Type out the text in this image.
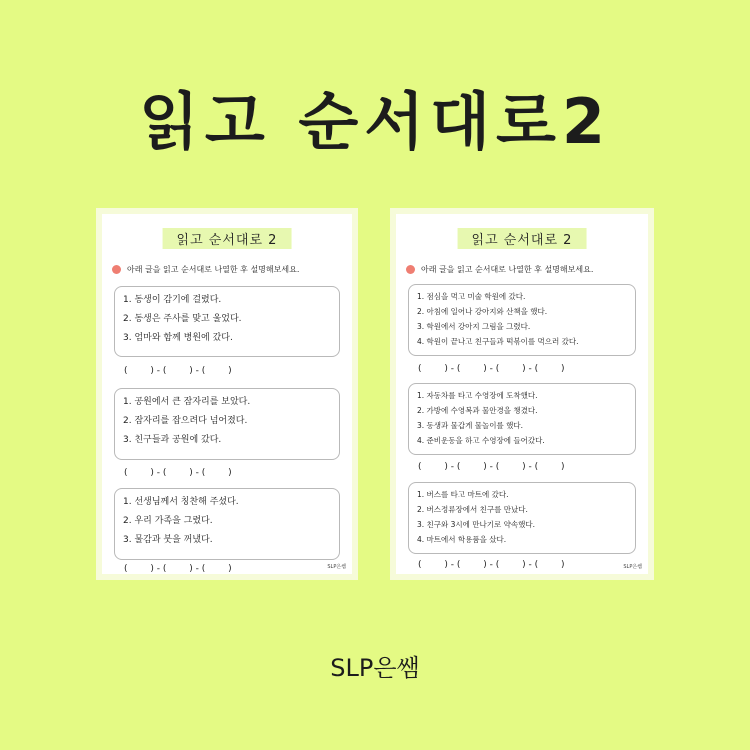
읽고 순서대로2
읽고 순서대로 2
아래 글을 읽고 순서대로 나열한 후 설명해보세요.
1. 동생이 감기에 걸렸다.
2. 동생은 주사를 맞고 울었다.
3. 엄마와 함께 병원에 갔다.
(        ) - (        ) - (        )
1. 공원에서 큰 잠자리를 보았다.
2. 잠자리를 잡으려다 넘어졌다.
3. 친구들과 공원에 갔다.
(        ) - (        ) - (        )
1. 선생님께서 칭찬해 주셨다.
2. 우리 가족을 그렸다.
3. 물감과 붓을 꺼냈다.
(        ) - (        ) - (        )	SLP은쌤
읽고 순서대로 2
아래 글을 읽고 순서대로 나열한 후 설명해보세요.
1. 점심을 먹고 미술 학원에 갔다.
2. 아침에 일어나 강아지와 산책을 했다.
3. 학원에서 강아지 그림을 그렸다.
4. 학원이 끝나고 친구들과 떡볶이를 먹으러 갔다.
(        ) - (        ) - (        ) - (        )
1. 자동차를 타고 수영장에 도착했다.
2. 가방에 수영복과 물안경을 챙겼다.
3. 동생과 물갑게 물놀이를 했다.
4. 준비운동을 하고 수영장에 들어갔다.
(        ) - (        ) - (        ) - (        )
1. 버스를 타고 마트에 갔다.
2. 버스정류장에서 친구를 만났다.
3. 친구와 3시에 만나기로 약속했다.
4. 마트에서 학용품을 샀다.
(        ) - (        ) - (        ) - (        )	SLP은쌤
SLP은쌤
